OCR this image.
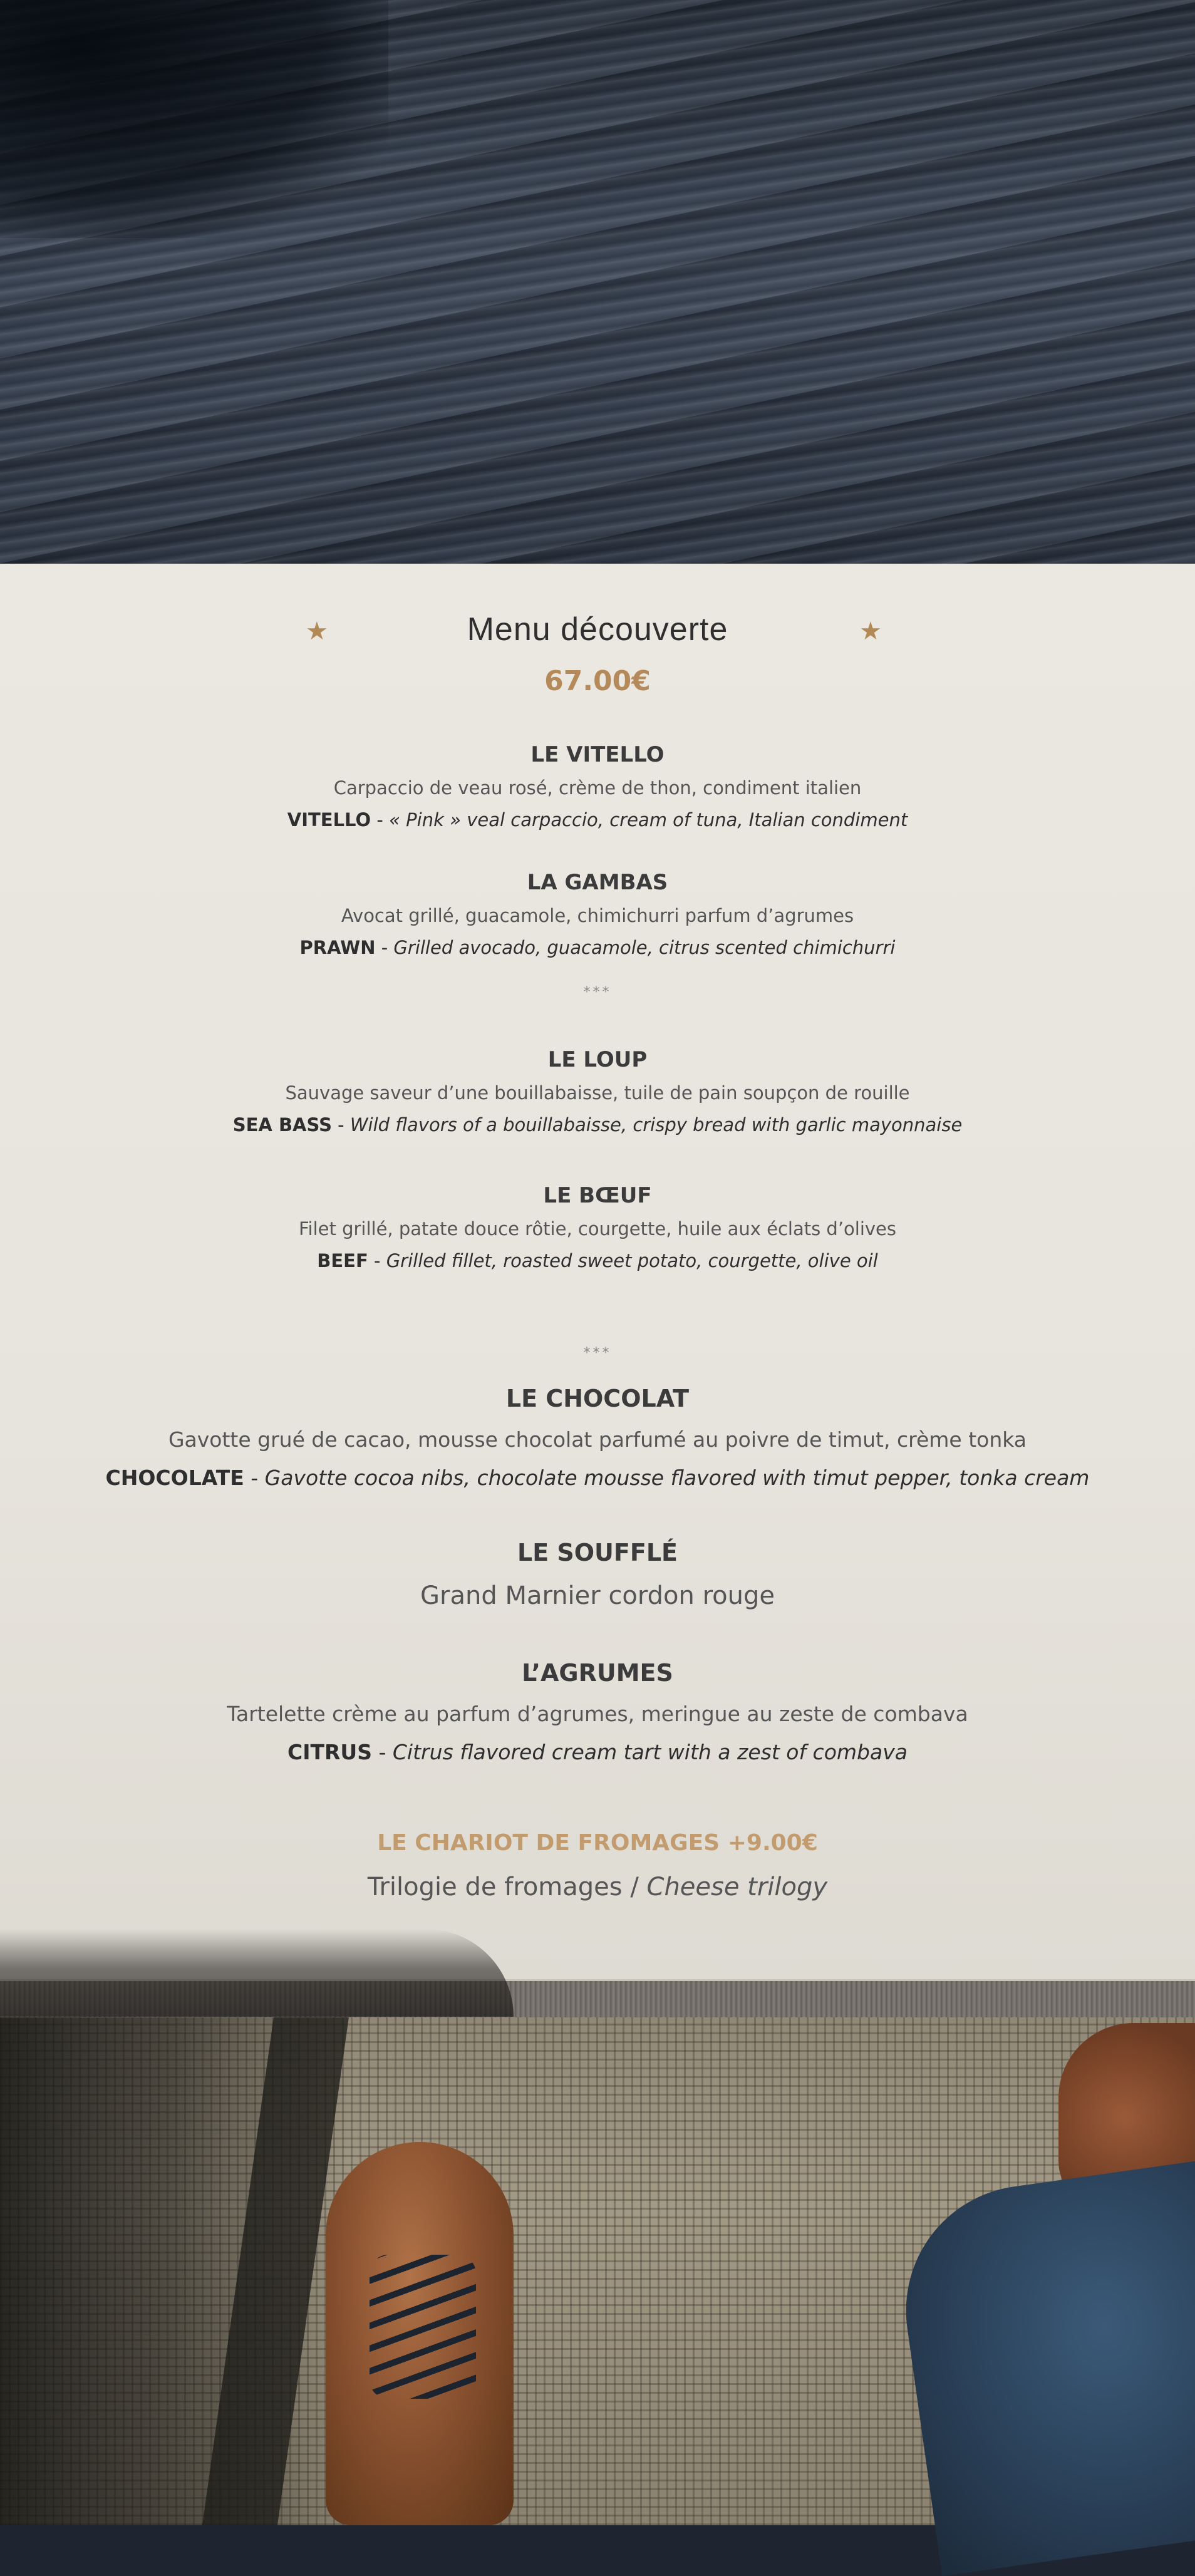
★	Menu découverte	★
67.00€
LE VITELLO
Carpaccio de veau rosé, crème de thon, condiment italien
VITELLO - « Pink » veal carpaccio, cream of tuna, Italian condiment
LA GAMBAS
Avocat grillé, guacamole, chimichurri parfum d’agrumes
PRAWN - Grilled avocado, guacamole, citrus scented chimichurri
***
LE LOUP
Sauvage saveur d’une bouillabaisse, tuile de pain soupçon de rouille
SEA BASS - Wild flavors of a bouillabaisse, crispy bread with garlic mayonnaise
LE BŒUF
Filet grillé, patate douce rôtie, courgette, huile aux éclats d’olives
BEEF - Grilled fillet, roasted sweet potato, courgette, olive oil
***
LE CHOCOLAT
Gavotte grué de cacao, mousse chocolat parfumé au poivre de timut, crème tonka
CHOCOLATE - Gavotte cocoa nibs, chocolate mousse flavored with timut pepper, tonka cream
LE SOUFFLÉ
Grand Marnier cordon rouge
L’AGRUMES
Tartelette crème au parfum d’agrumes, meringue au zeste de combava
CITRUS - Citrus flavored cream tart with a zest of combava
LE CHARIOT DE FROMAGES +9.00€
Trilogie de fromages / Cheese trilogy
